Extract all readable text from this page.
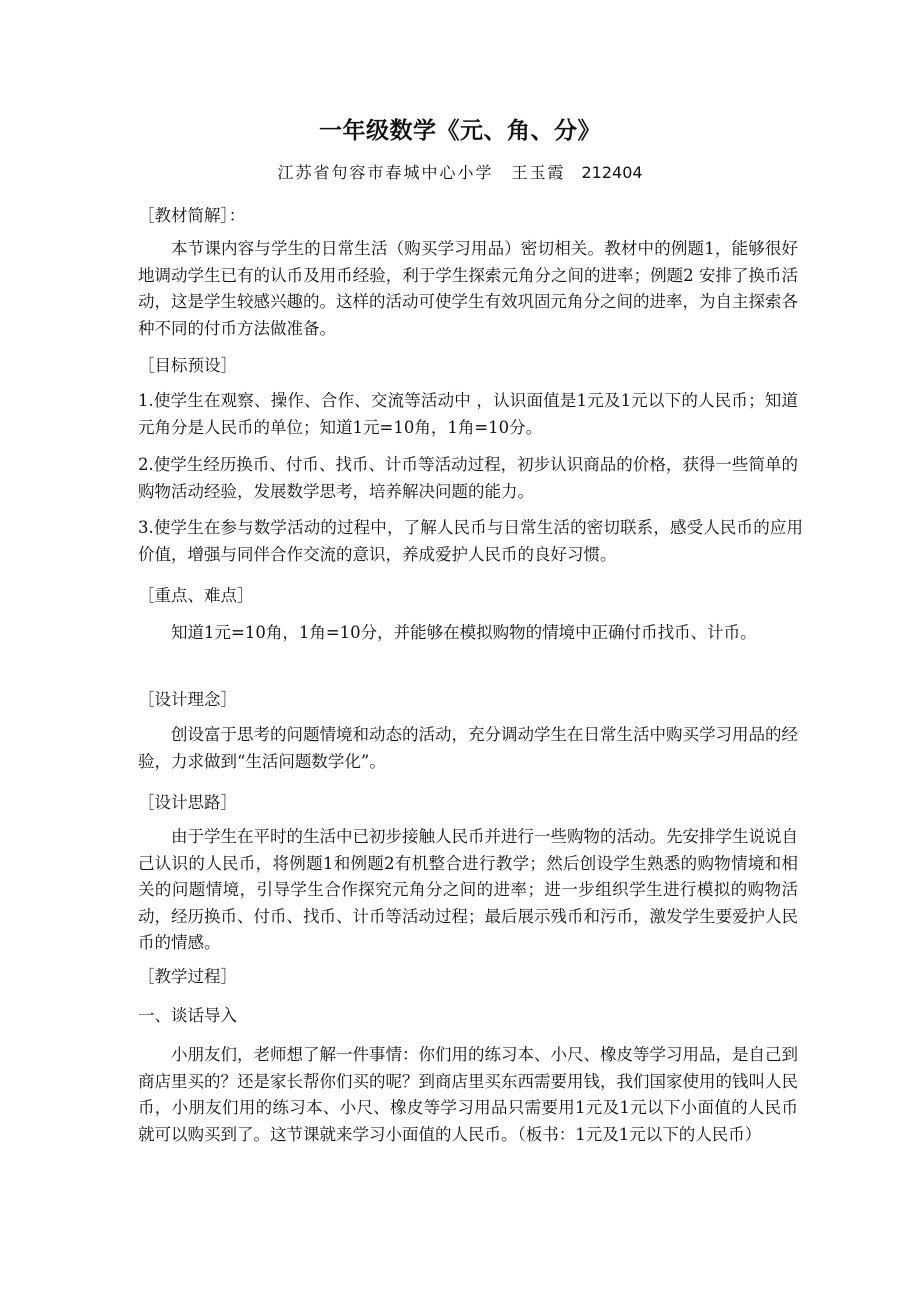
一年级数学《元、角、分》
江苏省句容市春城中心小学　王玉霞 212404
［教材简解］：
本节课内容与学生的日常生活（购买学习用品）密切相关。教材中的例题1，能够很好地调动学生已有的认币及用币经验，利于学生探索元角分之间的进率；例题2 安排了换币活动，这是学生较感兴趣的。这样的活动可使学生有效巩固元角分之间的进率，为自主探索各种不同的付币方法做准备。
［目标预设］
1.使学生在观察、操作、合作、交流等活动中 ，认识面值是1元及1元以下的人民币；知道元角分是人民币的单位；知道1元=10角，1角=10分。
2.使学生经历换币、付币、找币、计币等活动过程，初步认识商品的价格，获得一些简单的购物活动经验，发展数学思考，培养解决问题的能力。
3.使学生在参与数学活动的过程中，了解人民币与日常生活的密切联系，感受人民币的应用价值，增强与同伴合作交流的意识，养成爱护人民币的良好习惯。
［重点、难点］
知道1元=10角，1角=10分，并能够在模拟购物的情境中正确付币找币、计币。
［设计理念］
创设富于思考的问题情境和动态的活动，充分调动学生在日常生活中购买学习用品的经验，力求做到“生活问题数学化”。
［设计思路］
由于学生在平时的生活中已初步接触人民币并进行一些购物的活动。先安排学生说说自己认识的人民币，将例题1和例题2有机整合进行教学；然后创设学生熟悉的购物情境和相关的问题情境，引导学生合作探究元角分之间的进率；进一步组织学生进行模拟的购物活动，经历换币、付币、找币、计币等活动过程；最后展示残币和污币，激发学生要爱护人民币的情感。
［教学过程］
一、谈话导入
小朋友们，老师想了解一件事情：你们用的练习本、小尺、橡皮等学习用品，是自己到商店里买的？还是家长帮你们买的呢？到商店里买东西需要用钱，我们国家使用的钱叫人民币，小朋友们用的练习本、小尺、橡皮等学习用品只需要用1元及1元以下小面值的人民币就可以购买到了。这节课就来学习小面值的人民币。（板书：1元及1元以下的人民币）
